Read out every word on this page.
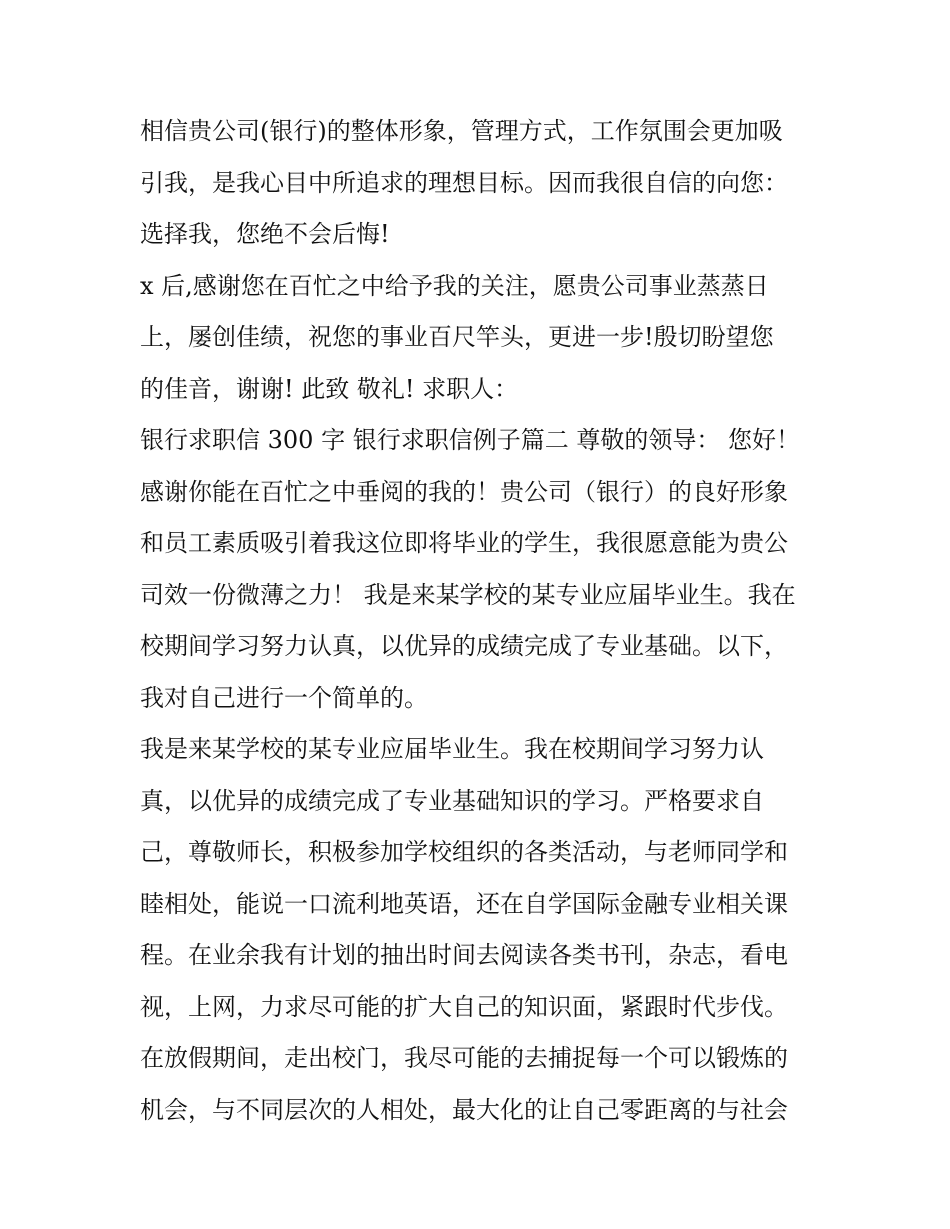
相信贵公司(银行)的整体形象，管理方式，工作氛围会更加吸
引我，是我心目中所追求的理想目标。因而我很自信的向您：
选择我，您绝不会后悔!
x 后,感谢您在百忙之中给予我的关注，愿贵公司事业蒸蒸日
上，屡创佳绩，祝您的事业百尺竿头，更进一步!殷切盼望您
的佳音，谢谢! 此致 敬礼! 求职人：
银行求职信 300 字 银行求职信例子篇二 尊敬的领导： 您好！
感谢你能在百忙之中垂阅的我的！贵公司（银行）的良好形象
和员工素质吸引着我这位即将毕业的学生，我很愿意能为贵公
司效一份微薄之力！ 我是来某学校的某专业应届毕业生。我在
校期间学习努力认真，以优异的成绩完成了专业基础。以下，
我对自己进行一个简单的。
我是来某学校的某专业应届毕业生。我在校期间学习努力认
真，以优异的成绩完成了专业基础知识的学习。严格要求自
己，尊敬师长，积极参加学校组织的各类活动，与老师同学和
睦相处，能说一口流利地英语，还在自学国际金融专业相关课
程。在业余我有计划的抽出时间去阅读各类书刊，杂志，看电
视，上网，力求尽可能的扩大自己的知识面，紧跟时代步伐。
在放假期间，走出校门，我尽可能的去捕捉每一个可以锻炼的
机会，与不同层次的人相处，最大化的让自己零距离的与社会
